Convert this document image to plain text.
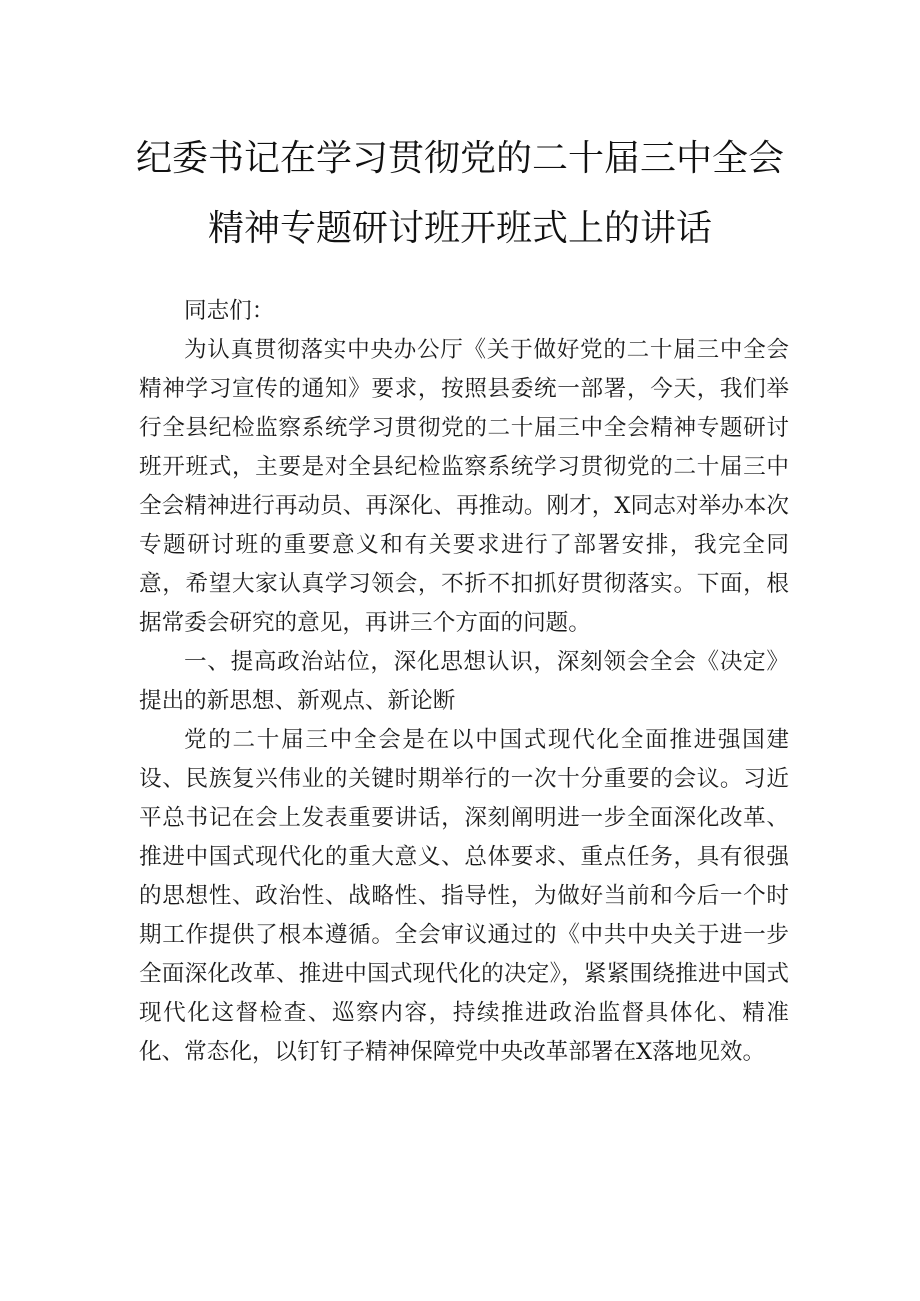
纪委书记在学习贯彻党的二十届三中全会
精神专题研讨班开班式上的讲话

同志们：

为认真贯彻落实中央办公厅《关于做好党的二十届三中全会精神学习宣传的通知》要求，按照县委统一部署，今天，我们举行全县纪检监察系统学习贯彻党的二十届三中全会精神专题研讨班开班式，主要是对全县纪检监察系统学习贯彻党的二十届三中全会精神进行再动员、再深化、再推动。刚才，X同志对举办本次专题研讨班的重要意义和有关要求进行了部署安排，我完全同意，希望大家认真学习领会，不折不扣抓好贯彻落实。下面，根据常委会研究的意见，再讲三个方面的问题。

一、提高政治站位，深化思想认识，深刻领会全会《决定》提出的新思想、新观点、新论断

党的二十届三中全会是在以中国式现代化全面推进强国建设、民族复兴伟业的关键时期举行的一次十分重要的会议。习近平总书记在会上发表重要讲话，深刻阐明进一步全面深化改革、推进中国式现代化的重大意义、总体要求、重点任务，具有很强的思想性、政治性、战略性、指导性，为做好当前和今后一个时期工作提供了根本遵循。全会审议通过的《中共中央关于进一步全面深化改革、推进中国式现代化的决定》，紧紧围绕推进中国式现代化这督检查、巡察内容，持续推进政治监督具体化、精准化、常态化，以钉钉子精神保障党中央改革部署在X落地见效。
